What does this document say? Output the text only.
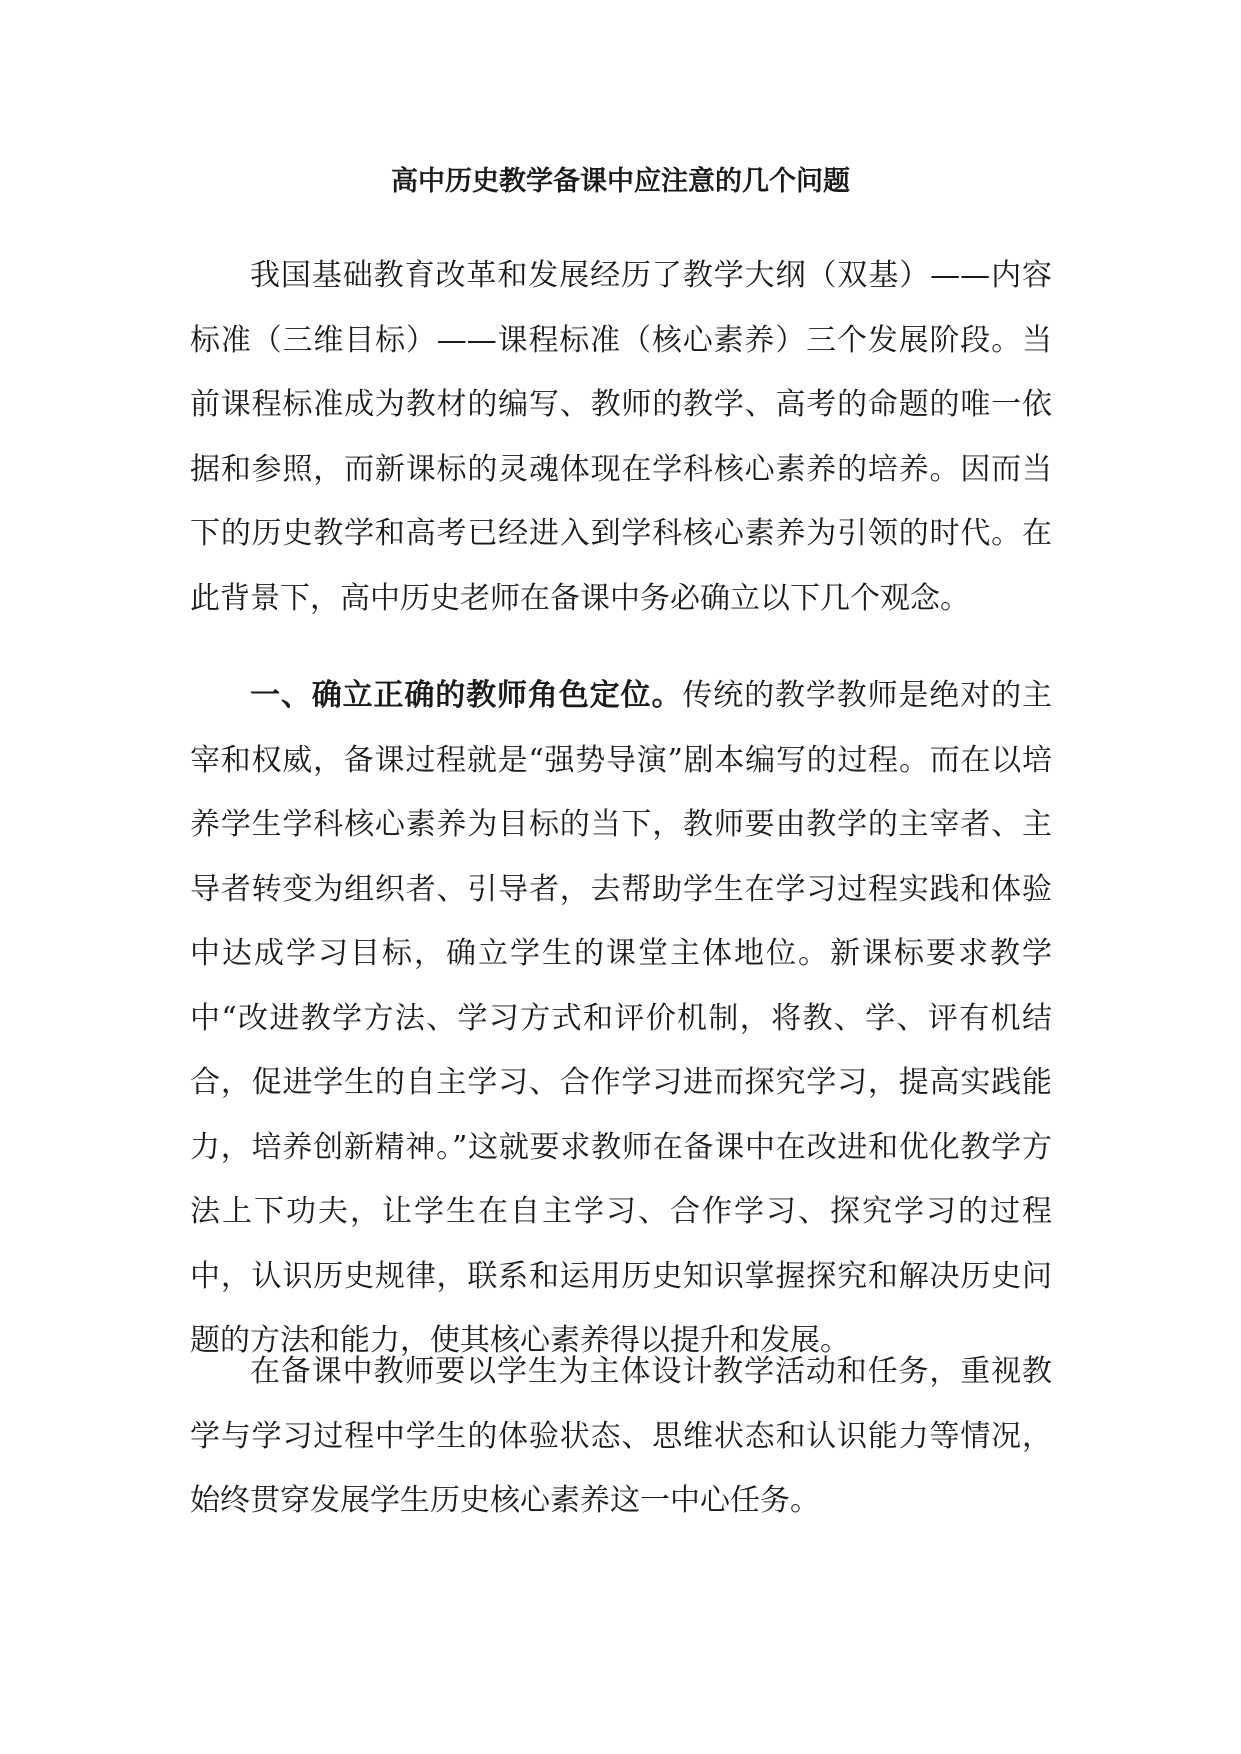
高中历史教学备课中应注意的几个问题

我国基础教育改革和发展经历了教学大纲（双基）——内容标准（三维目标）——课程标准（核心素养）三个发展阶段。当前课程标准成为教材的编写、教师的教学、高考的命题的唯一依据和参照，而新课标的灵魂体现在学科核心素养的培养。因而当下的历史教学和高考已经进入到学科核心素养为引领的时代。在此背景下，高中历史老师在备课中务必确立以下几个观念。

一、确立正确的教师角色定位。传统的教学教师是绝对的主宰和权威，备课过程就是“强势导演”剧本编写的过程。而在以培养学生学科核心素养为目标的当下，教师要由教学的主宰者、主导者转变为组织者、引导者，去帮助学生在学习过程实践和体验中达成学习目标，确立学生的课堂主体地位。新课标要求教学中“改进教学方法、学习方式和评价机制，将教、学、评有机结合，促进学生的自主学习、合作学习进而探究学习，提高实践能力，培养创新精神。”这就要求教师在备课中在改进和优化教学方法上下功夫，让学生在自主学习、合作学习、探究学习的过程中，认识历史规律，联系和运用历史知识掌握探究和解决历史问题的方法和能力，使其核心素养得以提升和发展。

在备课中教师要以学生为主体设计教学活动和任务，重视教学与学习过程中学生的体验状态、思维状态和认识能力等情况，始终贯穿发展学生历史核心素养这一中心任务。
